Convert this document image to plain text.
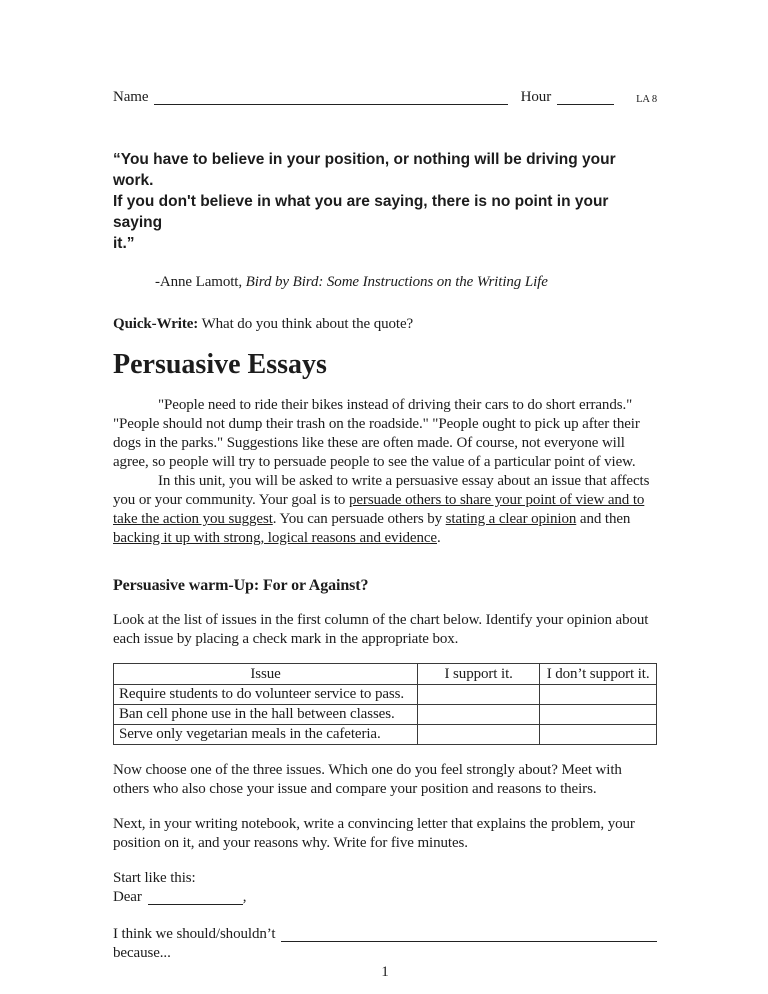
Name	Hour	LA 8
“You have to believe in your position, or nothing will be driving your work.
If you don't believe in what you are saying, there is no point in your saying
it.”
-Anne Lamott, Bird by Bird: Some Instructions on the Writing Life
Quick-Write: What do you think about the quote?
Persuasive Essays

"People need to ride their bikes instead of driving their cars to do short errands." "People should not dump their trash on the roadside." "People ought to pick up after their dogs in the parks." Suggestions like these are often made. Of course, not everyone will agree, so people will try to persuade people to see the value of a particular point of view.

In this unit, you will be asked to write a persuasive essay about an issue that affects you or your community. Your goal is to persuade others to share your point of view and to take the action you suggest. You can persuade others by stating a clear opinion and then backing it up with strong, logical reasons and evidence.

Persuasive warm-Up: For or Against?

Look at the list of issues in the first column of the chart below. Identify your opinion about each issue by placing a check mark in the appropriate box.

Issue	I support it.	I don’t support it.
Require students to do volunteer service to pass.		
Ban cell phone use in the hall between classes.		
Serve only vegetarian meals in the cafeteria.		

Now choose one of the three issues. Which one do you feel strongly about? Meet with others who also chose your issue and compare your position and reasons to theirs.

Next, in your writing notebook, write a convincing letter that explains the problem, your position on it, and your reasons why. Write for five minutes.

Start like this:
Dear	,
I think we should/shouldn’t
because...
1
